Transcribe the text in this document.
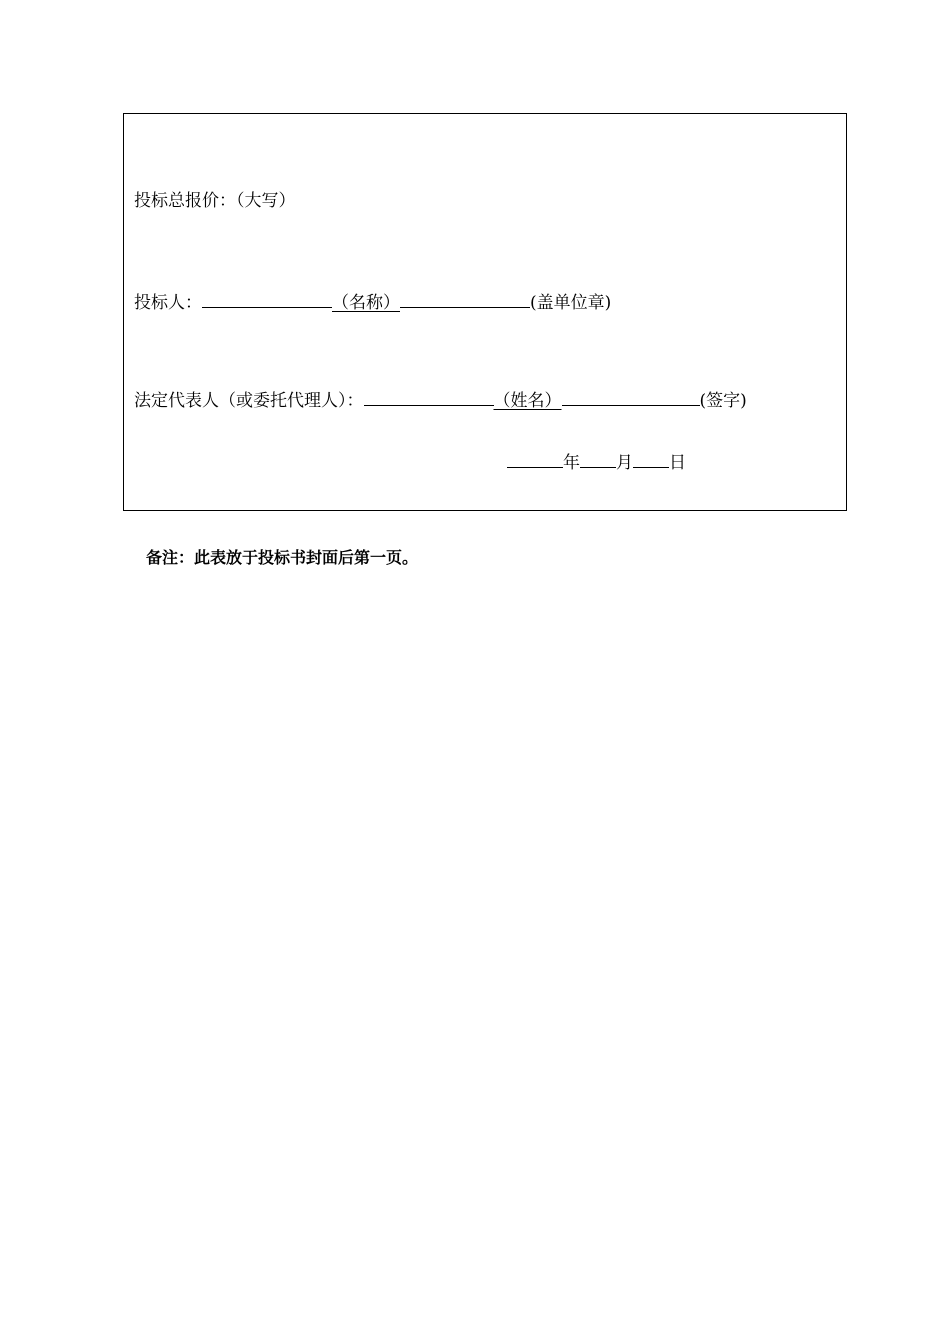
投标总报价：（大写）
投标人：	（名称）	(盖单位章)
法定代表人（或委托代理人）：	（姓名）	(签字)
年 月 日
备注：此表放于投标书封面后第一页。
